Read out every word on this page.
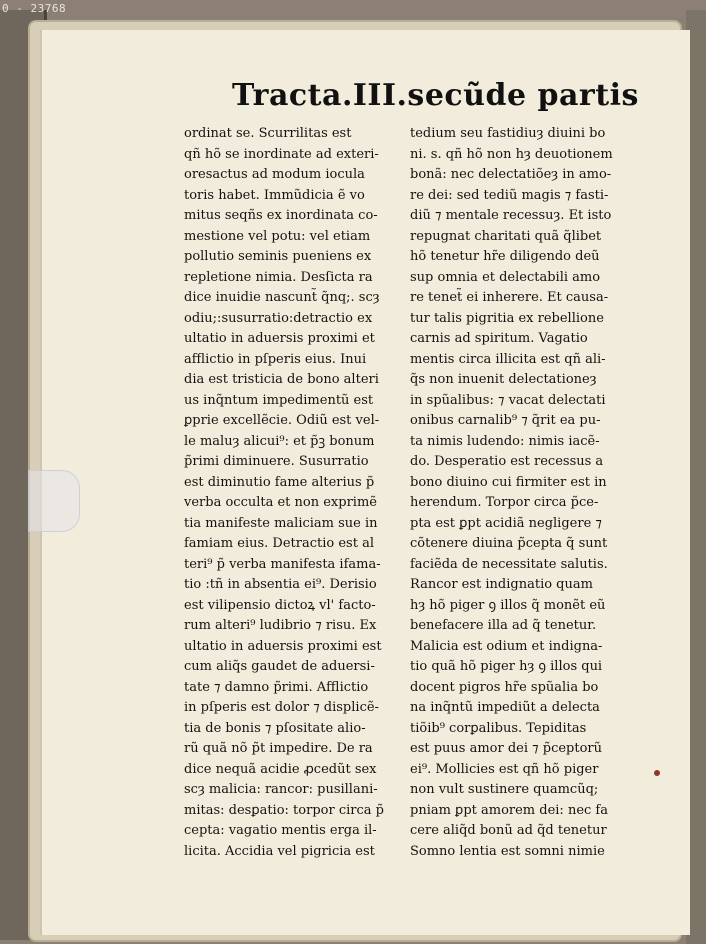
0 - 23768
Tracta.III.secũde partis
ordinat se. Scurrilitas est
qñ hõ se inordinate ad exteri-
oresactus ad modum iocula
toris habet. Immũdicia ẽ vo
mitus seqñs ex inordinata co-
mestione vel potu: vel etiam
pollutio seminis pueniens ex
repletione nimia. Desſicta ra
dice inuidie nascunt̃ q̃nq;. scȝ
odiu;:susurratio:detractio ex
ultatio in aduersis proximi et
afflictio in pſperis eius. Inui
dia est tristicia de bono alteri
us inq̃ntum impedimentũ est
ꝑprie excellẽcie. Odiũ est vel-
le maluȝ alicui⁹: et p̃ꝫ bonum
p̃rimi diminuere. Susurratio
est diminutio fame alterius p̃
verba occulta et non exprimẽ
tia manifeste maliciam sue in
famiam eius. Detractio est al
teri⁹ p̃ verba manifesta ifama-
tio :tñ in absentia ei⁹. Derisio
est vilipensio dictoꝝ vl' facto-
rum alteri⁹ ludibrio ⁊ risu. Ex
ultatio in aduersis proximi est
cum aliq̃s gaudet de aduersi-
tate ⁊ damno p̃rimi. Afflictio
in pſperis est dolor ⁊ displicẽ-
tia de bonis ⁊ pſositate alio-
rũ quã nõ p̃t impedire. De ra
dice nequã acidie ꝓcedũt sex
scȝ malicia: rancor: pusillani-
mitas: desꝑatio: torpor circa p̃
cepta: vagatio mentis erga il-
licita. Accidia vel pigricia est
tedium seu fastidiuȝ diuini bo
ni. s. qñ hõ non hȝ deuotionem
bonã: nec delectatiõeȝ in amo-
re dei: sed tediũ magis ⁊ fasti-
diũ ⁊ mentale recessuȝ. Et isto
repugnat charitati quã q̃libet
hõ tenetur hr̃e diligendo deũ
sup omnia et delectabili amo
re tenet̃ ei inherere. Et causa-
tur talis pigritia ex rebellione
carnis ad spiritum. Vagatio
mentis circa illicita est qñ ali-
q̃s non inuenit delectationeȝ
in spũalibus: ⁊ vacat delectati
onibus carnalib⁹ ⁊ q̃rit ea pu-
ta nimis ludendo: nimis iacẽ-
do. Desperatio est recessus a
bono diuino cui firmiter est in
herendum. Torpor circa p̃ce-
pta est ꝑpt acidiã negligere ⁊
cõtenere diuina p̃cepta q̃ sunt
faciẽda de necessitate salutis.
Rancor est indignatio quam
hȝ hõ piger ꝯ illos q̃ monẽt eũ
benefacere illa ad q̃ tenetur.
Malicia est odium et indigna-
tio quã hõ piger hȝ ꝯ illos qui
docent pigros hr̃e spũalia bo
na inq̃ntũ impediũt a delecta
tiõib⁹ corꝑalibus. Tepiditas
est puus amor dei ⁊ p̃ceptorũ
ei⁹. Mollicies est qñ hõ piger
non vult sustinere quamcũq;
pniam ꝑpt amorem dei: nec fa
cere aliq̃d bonũ ad q̃d tenetur
Somno lentia est somni nimie
